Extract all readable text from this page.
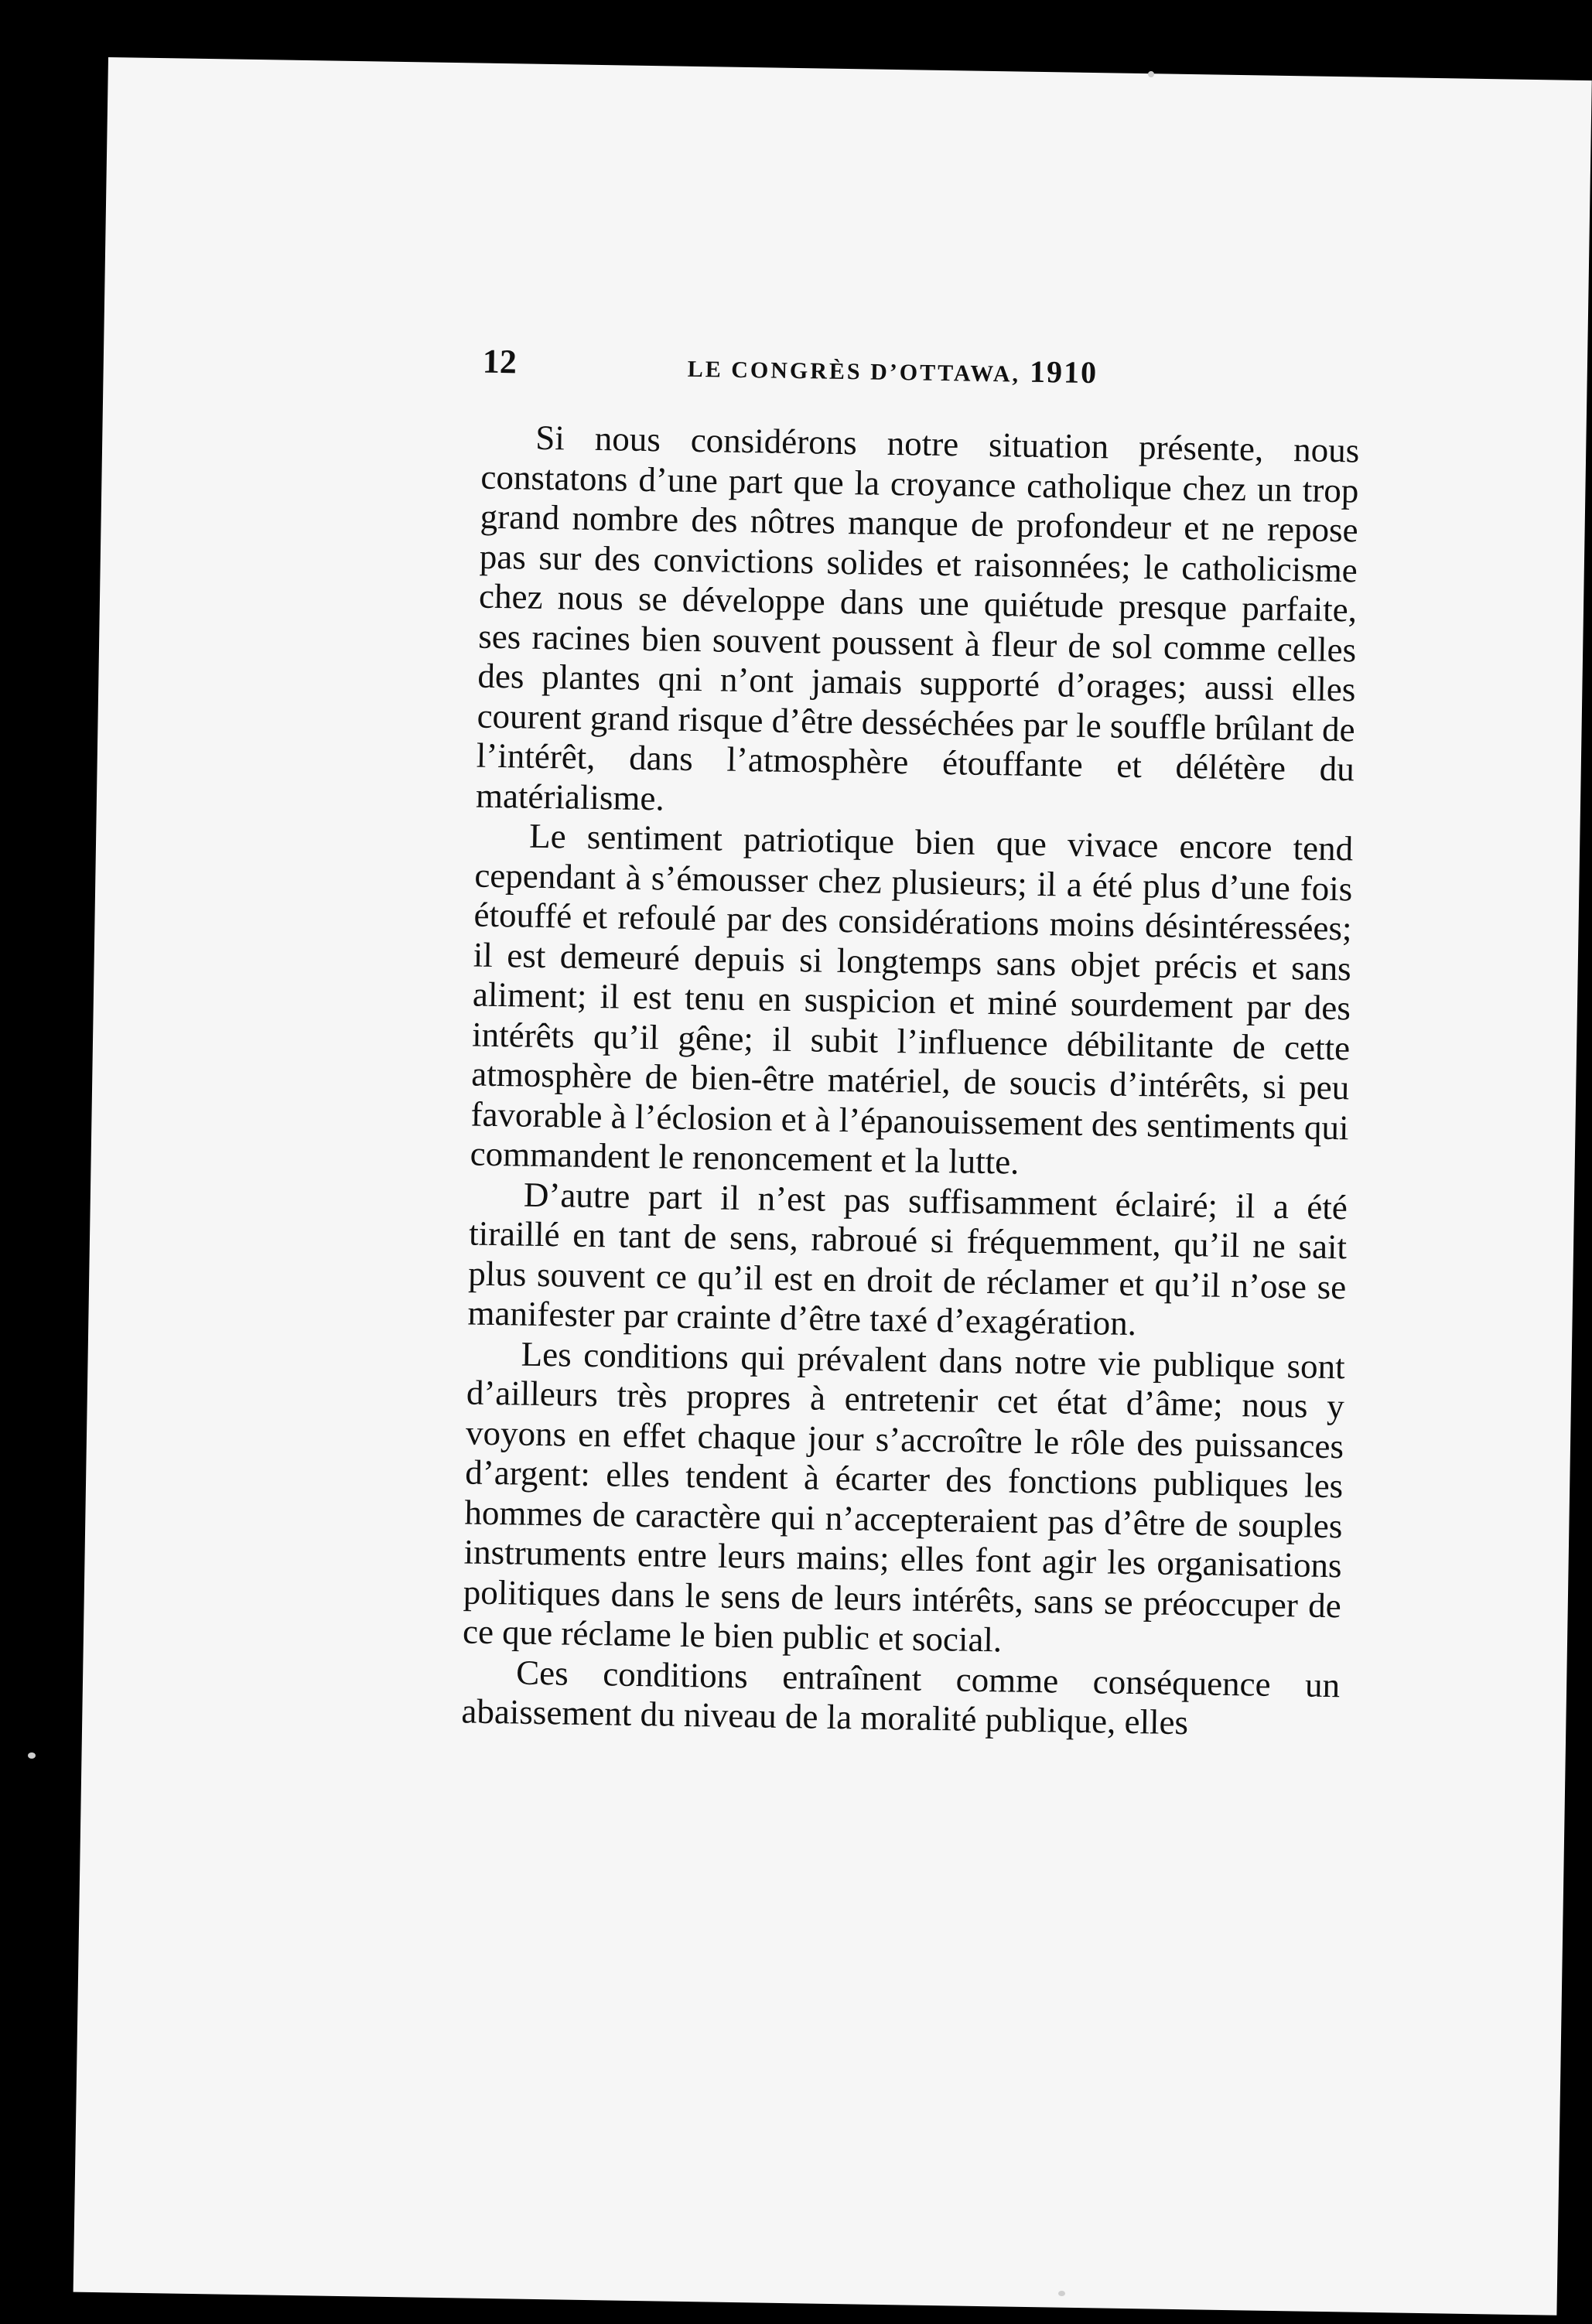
12	LE CONGRÈS D’OTTAWA, 1910

Si nous considérons notre situation présente, nous constatons d’une part que la croyance catholique chez un trop grand nombre des nôtres manque de profondeur et ne repose pas sur des convictions solides et raisonnées; le catholicisme chez nous se développe dans une quiétude presque parfaite, ses racines bien souvent poussent à fleur de sol comme celles des plantes qni n’ont jamais supporté d’orages; aussi elles courent grand risque d’être desséchées par le souffle brûlant de l’intérêt, dans l’atmosphère étouffante et délétère du matérialisme.

Le sentiment patriotique bien que vivace encore tend cependant à s’émousser chez plusieurs; il a été plus d’une fois étouffé et refoulé par des considérations moins désintéressées; il est demeuré depuis si longtemps sans objet précis et sans aliment; il est tenu en suspicion et miné sourdement par des intérêts qu’il gêne; il subit l’influence débilitante de cette atmosphère de bien-être matériel, de soucis d’intérêts, si peu favorable à l’éclosion et à l’épanouissement des sentiments qui commandent le renoncement et la lutte.

D’autre part il n’est pas suffisamment éclairé; il a été tiraillé en tant de sens, rabroué si fréquemment, qu’il ne sait plus souvent ce qu’il est en droit de réclamer et qu’il n’ose se manifester par crainte d’être taxé d’exagération.

Les conditions qui prévalent dans notre vie publique sont d’ailleurs très propres à entretenir cet état d’âme; nous y voyons en effet chaque jour s’accroître le rôle des puissances d’argent: elles tendent à écarter des fonctions publiques les hommes de caractère qui n’accepteraient pas d’être de souples instruments entre leurs mains; elles font agir les organisations politiques dans le sens de leurs intérêts, sans se préoccuper de ce que réclame le bien public et social.

Ces conditions entraînent comme conséquence un abaissement du niveau de la moralité publique, elles
